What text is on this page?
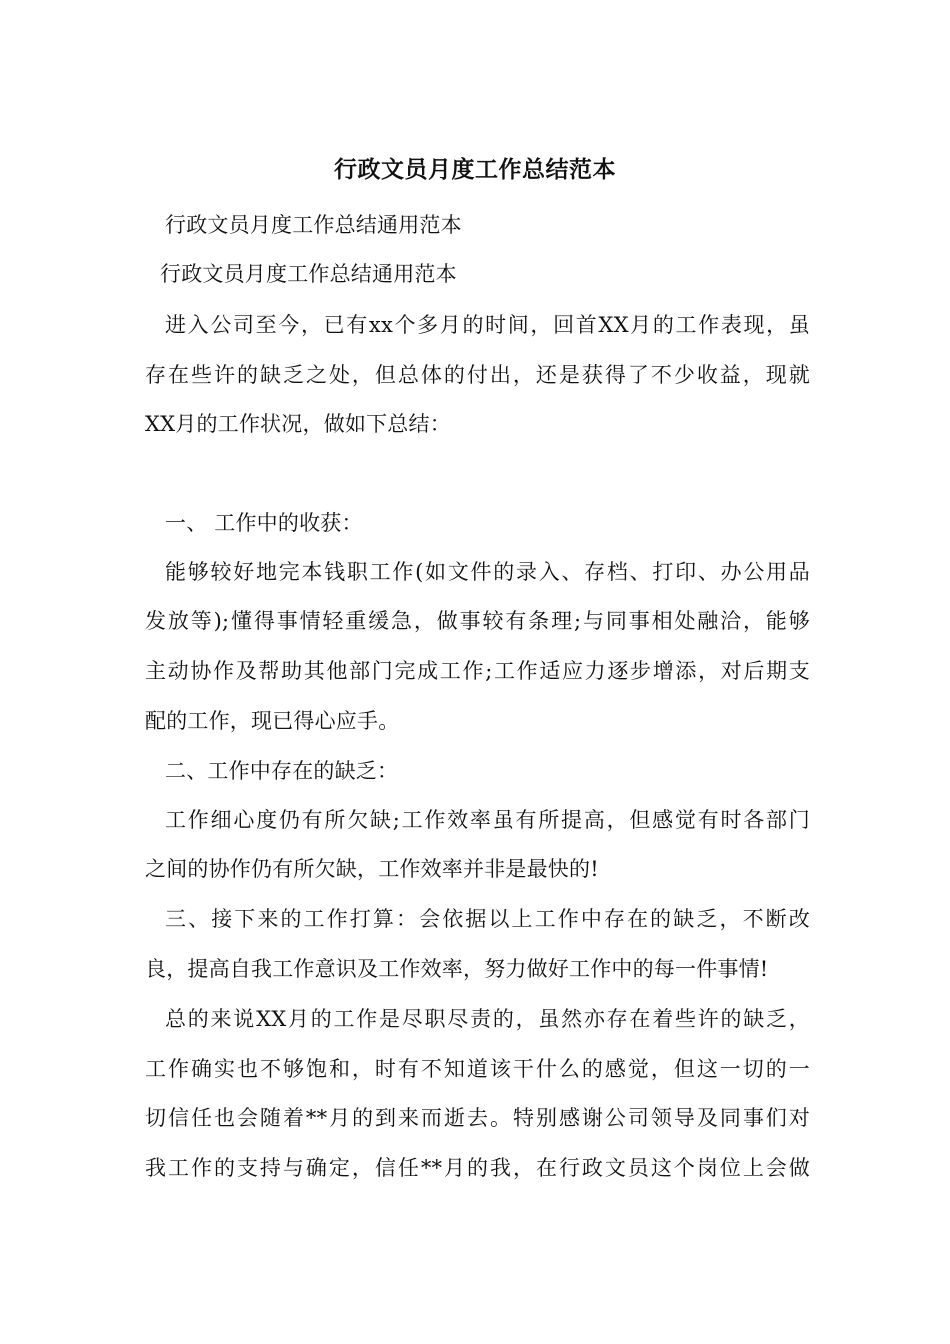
行政文员月度工作总结范本
行政文员月度工作总结通用范本
行政文员月度工作总结通用范本
进入公司至今，已有xx个多月的时间，回首XX月的工作表现，虽
存在些许的缺乏之处，但总体的付出，还是获得了不少收益，现就
XX月的工作状况，做如下总结：
一、 工作中的收获：
能够较好地完本钱职工作(如文件的录入、存档、打印、办公用品
发放等);懂得事情轻重缓急，做事较有条理;与同事相处融洽，能够
主动协作及帮助其他部门完成工作;工作适应力逐步增添，对后期支
配的工作，现已得心应手。
二、工作中存在的缺乏：
工作细心度仍有所欠缺;工作效率虽有所提高，但感觉有时各部门
之间的协作仍有所欠缺，工作效率并非是最快的!
三、接下来的工作打算：会依据以上工作中存在的缺乏，不断改
良，提高自我工作意识及工作效率，努力做好工作中的每一件事情!
总的来说XX月的工作是尽职尽责的，虽然亦存在着些许的缺乏，
工作确实也不够饱和，时有不知道该干什么的感觉，但这一切的一
切信任也会随着**月的到来而逝去。特别感谢公司领导及同事们对
我工作的支持与确定，信任**月的我，在行政文员这个岗位上会做
